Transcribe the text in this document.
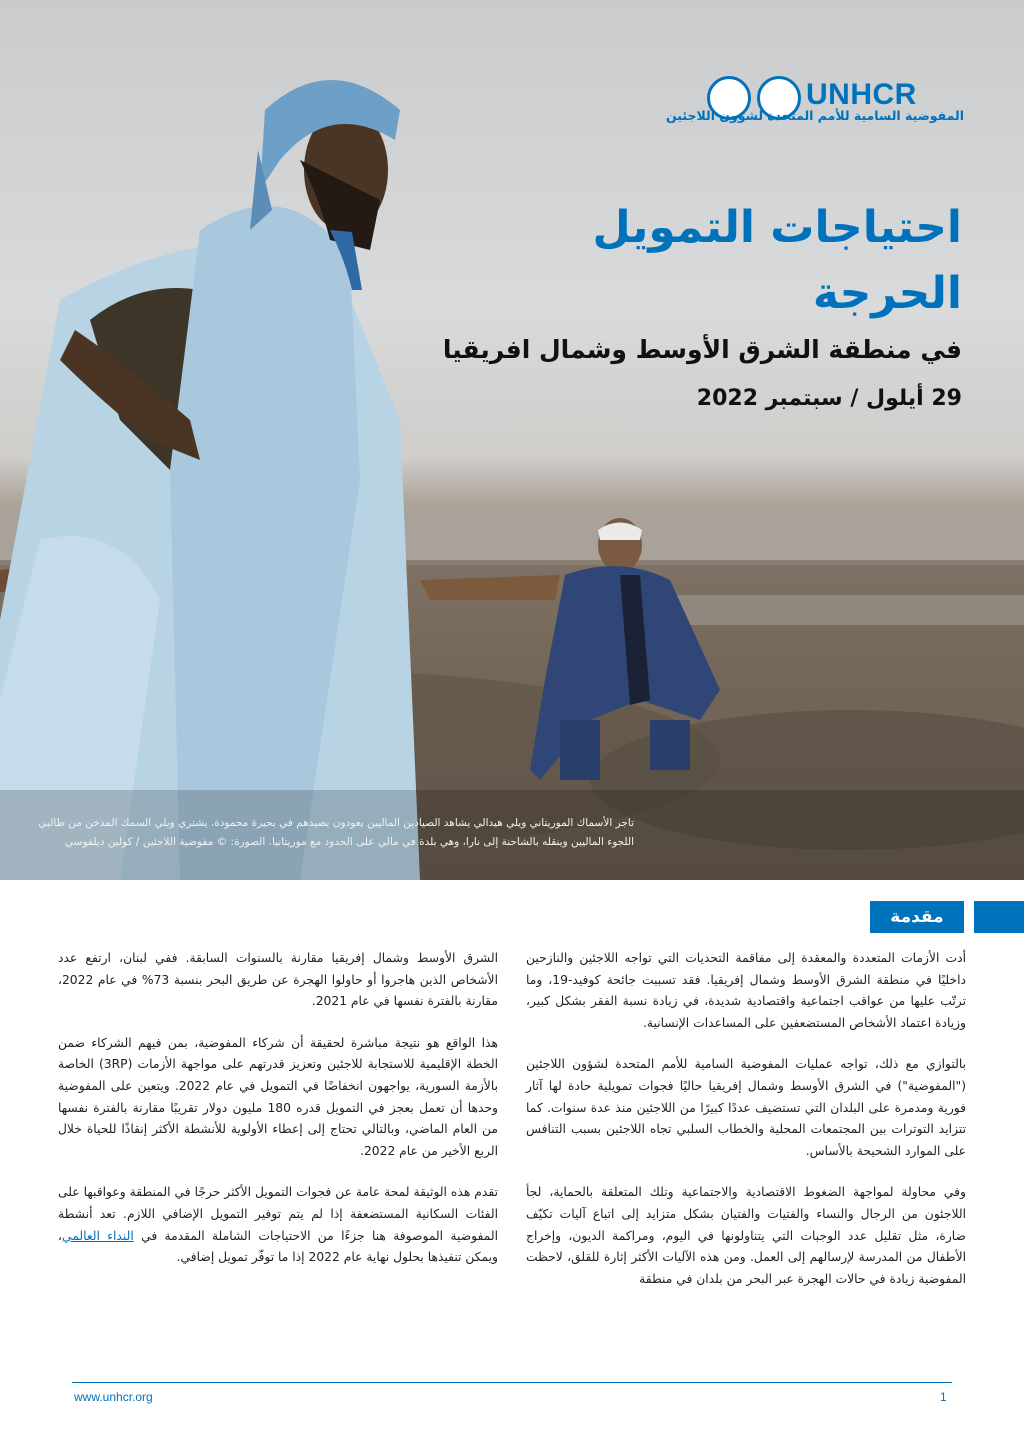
UNHCR
المفوضية السامية للأمم المتحدة لشؤون اللاجئين
احتياجات التمويل
الحرجة
في منطقة الشرق الأوسط وشمال افريقيا
29 أيلول / سبتمبر 2022
تاجر الأسماك الموريتاني ويلي هيدالي يشاهد الصيادين الماليين يعودون بصيدهم في بحيرة محمودة. يشتري ويلي السمك المدخن من طالبي اللجوء الماليين وينقله بالشاحنة إلى نارا، وهي بلدة في مالي على الحدود مع موريتانيا. الصورة: © مفوضية اللاجئين / كولين ديلفوسي
مقدمة

أدت الأزمات المتعددة والمعقدة إلى مفاقمة التحديات التي تواجه اللاجئين والنازحين داخليًا في منطقة الشرق الأوسط وشمال إفريقيا. فقد تسببت جائحة كوفيد-19، وما ترتّب عليها من عواقب اجتماعية واقتصادية شديدة، في زيادة نسبة الفقر بشكل كبير، وزيادة اعتماد الأشخاص المستضعفين على المساعدات الإنسانية.

بالتوازي مع ذلك، تواجه عمليات المفوضية السامية للأمم المتحدة لشؤون اللاجئين ("المفوضية") في الشرق الأوسط وشمال إفريقيا حاليًا فجوات تمويلية حادة لها آثار فورية ومدمرة على البلدان التي تستضيف عددًا كبيرًا من اللاجئين منذ عدة سنوات. كما تتزايد التوترات بين المجتمعات المحلية والخطاب السلبي تجاه اللاجئين بسبب التنافس على الموارد الشحيحة بالأساس.

وفي محاولة لمواجهة الضغوط الاقتصادية والاجتماعية وتلك المتعلقة بالحماية، لجأ اللاجئون من الرجال والنساء والفتيات والفتيان بشكل متزايد إلى اتباع آليات تكيّف ضارة، مثل تقليل عدد الوجبات التي يتناولونها في اليوم، ومراكمة الديون، وإخراج الأطفال من المدرسة لإرسالهم إلى العمل. ومن هذه الآليات الأكثر إثارة للقلق، لاحظت المفوضية زيادة في حالات الهجرة عبر البحر من بلدان في منطقة

الشرق الأوسط وشمال إفريقيا مقارنة بالسنوات السابقة. ففي لبنان، ارتفع عدد الأشخاص الذين هاجروا أو حاولوا الهجرة عن طريق البحر بنسبة 73% في عام 2022، مقارنة بالفترة نفسها في عام 2021.

هذا الواقع هو نتيجة مباشرة لحقيقة أن شركاء المفوضية، بمن فيهم الشركاء ضمن الخطة الإقليمية للاستجابة للاجئين وتعزيز قدرتهم على مواجهة الأزمات (3RP) الخاصة بالأزمة السورية، يواجهون انخفاضًا في التمويل في عام 2022. ويتعين على المفوضية وحدها أن تعمل بعجز في التمويل قدره 180 مليون دولار تقريبًا مقارنة بالفترة نفسها من العام الماضي، وبالتالي تحتاج إلى إعطاء الأولوية للأنشطة الأكثر إنقاذًا للحياة خلال الربع الأخير من عام 2022.

تقدم هذه الوثيقة لمحة عامة عن فجوات التمويل الأكثر حرجًا في المنطقة وعواقبها على الفئات السكانية المستضعفة إذا لم يتم توفير التمويل الإضافي اللازم. تعد أنشطة المفوضية الموصوفة هنا جزءًا من الاحتياجات الشاملة المقدمة في النداء العالمي، ويمكن تنفيذها بحلول نهاية عام 2022 إذا ما توفّر تمويل إضافي.

www.unhcr.org	1
